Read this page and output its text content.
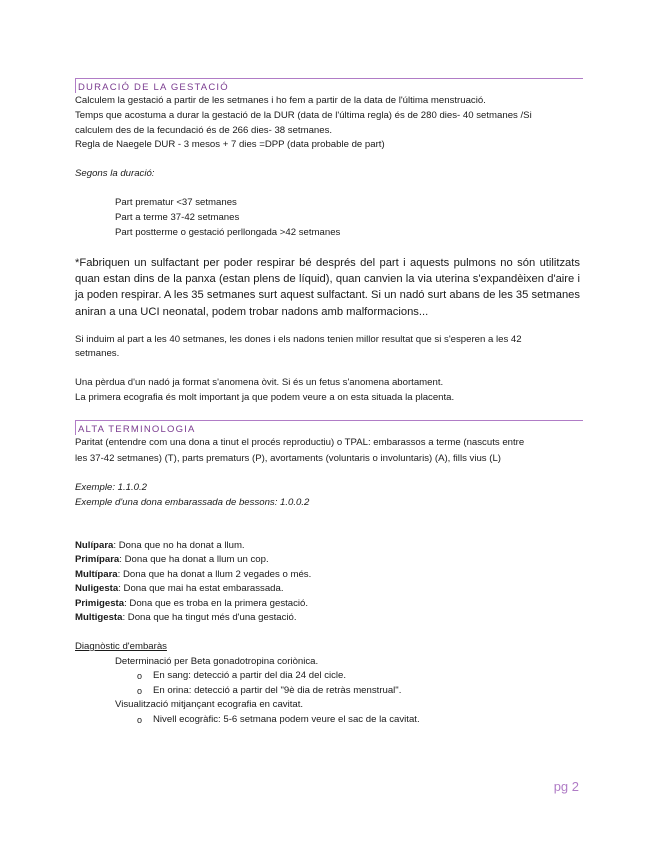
DURACIÓ DE LA GESTACIÓ
Calculem la gestació a partir de les setmanes i ho fem a partir de la data de l'última menstruació.
Temps que acostuma a durar la gestació de la DUR (data de l'última regla) és de 280 dies- 40 setmanes /Si
calculem des de la fecundació és de 266 dies- 38 setmanes.
Regla de Naegele DUR - 3 mesos + 7 dies =DPP (data probable de part)
Segons la duració:
Part prematur <37 setmanes
Part a terme 37-42 setmanes
Part postterme o gestació perllongada >42 setmanes
*Fabriquen un sulfactant per poder respirar bé després del part i aquests pulmons no són utilitzats quan estan dins de la panxa (estan plens de líquid), quan canvien la via uterina s'expandèixen d'aire i ja poden respirar. A les 35 setmanes surt aquest sulfactant. Si un nadó surt abans de les 35 setmanes aniran a una UCI neonatal, podem trobar nadons amb malformacions...
Si induim al part a les 40 setmanes, les dones i els nadons tenien millor resultat que si s'esperen a les 42
setmanes.
Una pèrdua d'un nadó ja format s'anomena òvit. Si és un fetus s'anomena abortament.
La primera ecografia és molt important ja que podem veure a on esta situada la placenta.
ALTA TERMINOLOGIA
Paritat (entendre com una dona a tinut el procés reproductiu) o TPAL: embarassos a terme (nascuts entre
les 37-42 setmanes) (T), parts prematurs (P), avortaments (voluntaris o involuntaris) (A), fills vius (L)
Exemple: 1.1.0.2
Exemple d'una dona embarassada de bessons: 1.0.0.2
Nulípara: Dona que no ha donat a llum.
Primípara: Dona que ha donat a llum un cop.
Multípara: Dona que ha donat a llum 2 vegades o més.
Nuligesta: Dona que mai ha estat embarassada.
Primigesta: Dona que es troba en la primera gestació.
Multigesta: Dona que ha tingut més d'una gestació.
Diagnòstic d'embaràs
Determinació per Beta gonadotropina coriònica.
o En sang: detecció a partir del dia 24 del cicle.
o En orina: detecció a partir del "9è dia de retràs menstrual".
Visualització mitjançant ecografia en cavitat.
o Nivell ecogràfic: 5-6 setmana podem veure el sac de la cavitat.
pg 2
